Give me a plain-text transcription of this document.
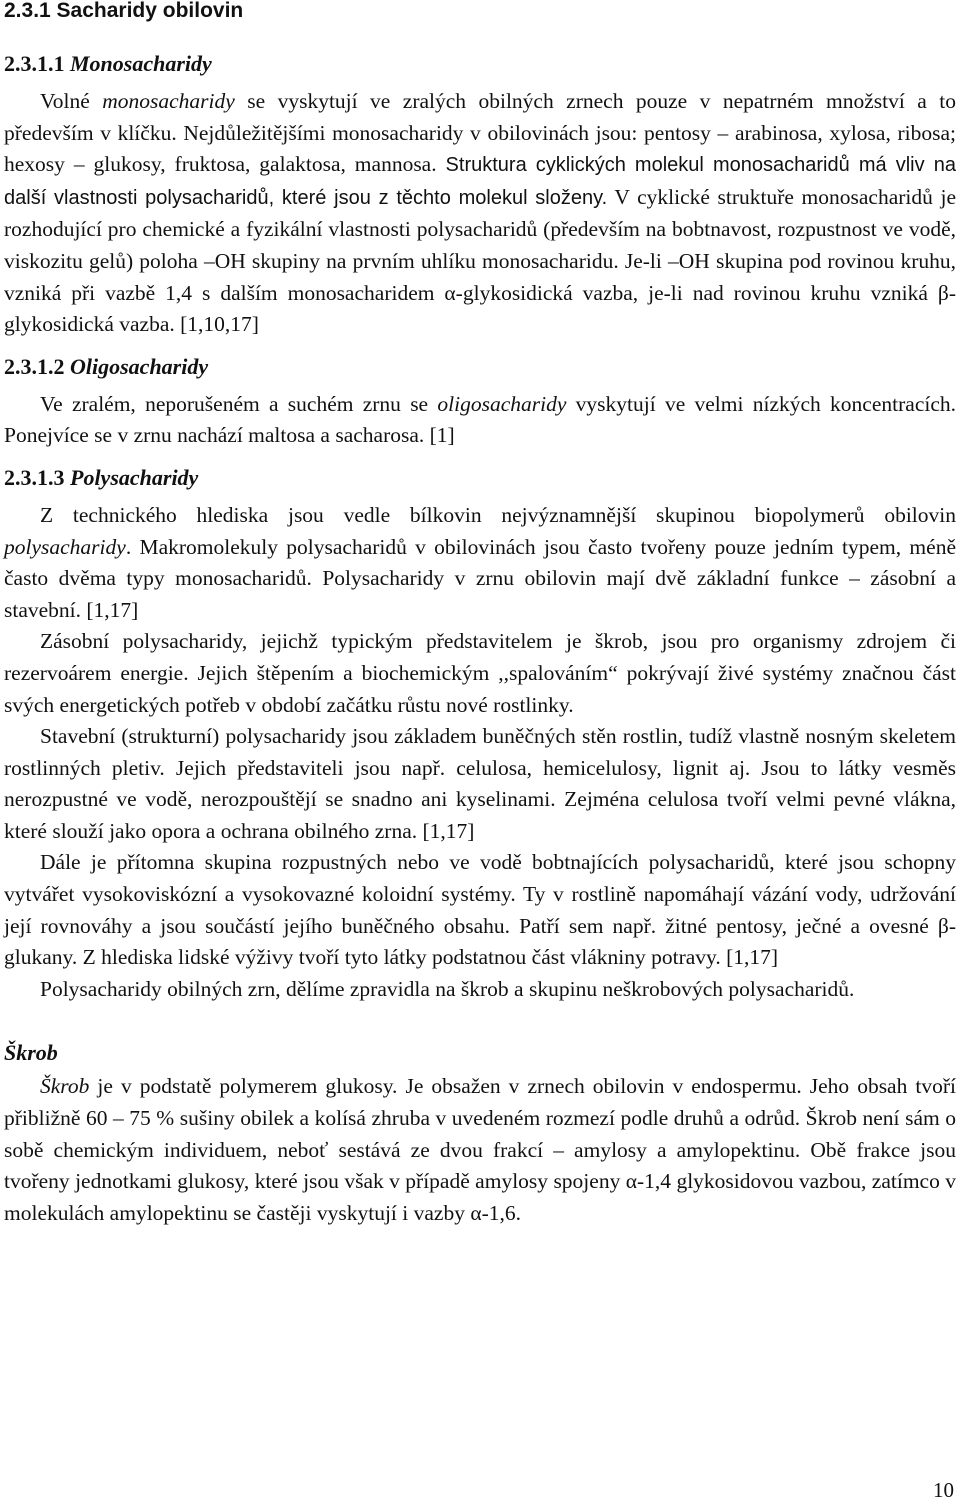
2.3.1 Sacharidy obilovin
2.3.1.1 Monosacharidy

Volné monosacharidy se vyskytují ve zralých obilných zrnech pouze v nepatrném množství a to především v klíčku. Nejdůležitějšími monosacharidy v obilovinách jsou: pentosy – arabinosa, xylosa, ribosa; hexosy – glukosy, fruktosa, galaktosa, mannosa. Struktura cyklických molekul monosacharidů má vliv na další vlastnosti polysacharidů, které jsou z těchto molekul složeny. V cyklické struktuře monosacharidů je rozhodující pro chemické a fyzikální vlastnosti polysacharidů (především na bobtnavost, rozpustnost ve vodě, viskozitu gelů) poloha –OH skupiny na prvním uhlíku monosacharidu. Je-li –OH skupina pod rovinou kruhu, vzniká při vazbě 1,4 s dalším monosacharidem α-glykosidická vazba, je-li nad rovinou kruhu vzniká β-glykosidická vazba. [1,10,17]

2.3.1.2 Oligosacharidy

Ve zralém, neporušeném a suchém zrnu se oligosacharidy vyskytují ve velmi nízkých koncentracích. Ponejvíce se v zrnu nachází maltosa a sacharosa. [1]

2.3.1.3 Polysacharidy

Z technického hlediska jsou vedle bílkovin nejvýznamnější skupinou biopolymerů obilovin polysacharidy. Makromolekuly polysacharidů v obilovinách jsou často tvořeny pouze jedním typem, méně často dvěma typy monosacharidů. Polysacharidy v zrnu obilovin mají dvě základní funkce – zásobní a stavební. [1,17]

Zásobní polysacharidy, jejichž typickým představitelem je škrob, jsou pro organismy zdrojem či rezervoárem energie. Jejich štěpením a biochemickým ,,spalováním“ pokrývají živé systémy značnou část svých energetických potřeb v období začátku růstu nové rostlinky.

Stavební (strukturní) polysacharidy jsou základem buněčných stěn rostlin, tudíž vlastně nosným skeletem rostlinných pletiv. Jejich představiteli jsou např. celulosa, hemicelulosy, lignit aj. Jsou to látky vesměs nerozpustné ve vodě, nerozpouštějí se snadno ani kyselinami. Zejména celulosa tvoří velmi pevné vlákna, které slouží jako opora a ochrana obilného zrna. [1,17]

Dále je přítomna skupina rozpustných nebo ve vodě bobtnajících polysacharidů, které jsou schopny vytvářet vysokoviskózní a vysokovazné koloidní systémy. Ty v rostlině napomáhají vázání vody, udržování její rovnováhy a jsou součástí jejího buněčného obsahu. Patří sem např. žitné pentosy, ječné a ovesné β-glukany. Z hlediska lidské výživy tvoří tyto látky podstatnou část vlákniny potravy. [1,17]

Polysacharidy obilných zrn, dělíme zpravidla na škrob a skupinu neškrobových polysacharidů.

Škrob

Škrob je v podstatě polymerem glukosy. Je obsažen v zrnech obilovin v endospermu. Jeho obsah tvoří přibližně 60 – 75 % sušiny obilek a kolísá zhruba v uvedeném rozmezí podle druhů a odrůd. Škrob není sám o sobě chemickým individuem, neboť sestává ze dvou frakcí – amylosy a amylopektinu. Obě frakce jsou tvořeny jednotkami glukosy, které jsou však v případě amylosy spojeny α-1,4 glykosidovou vazbou, zatímco v molekulách amylopektinu se častěji vyskytují i vazby α-1,6.

10
